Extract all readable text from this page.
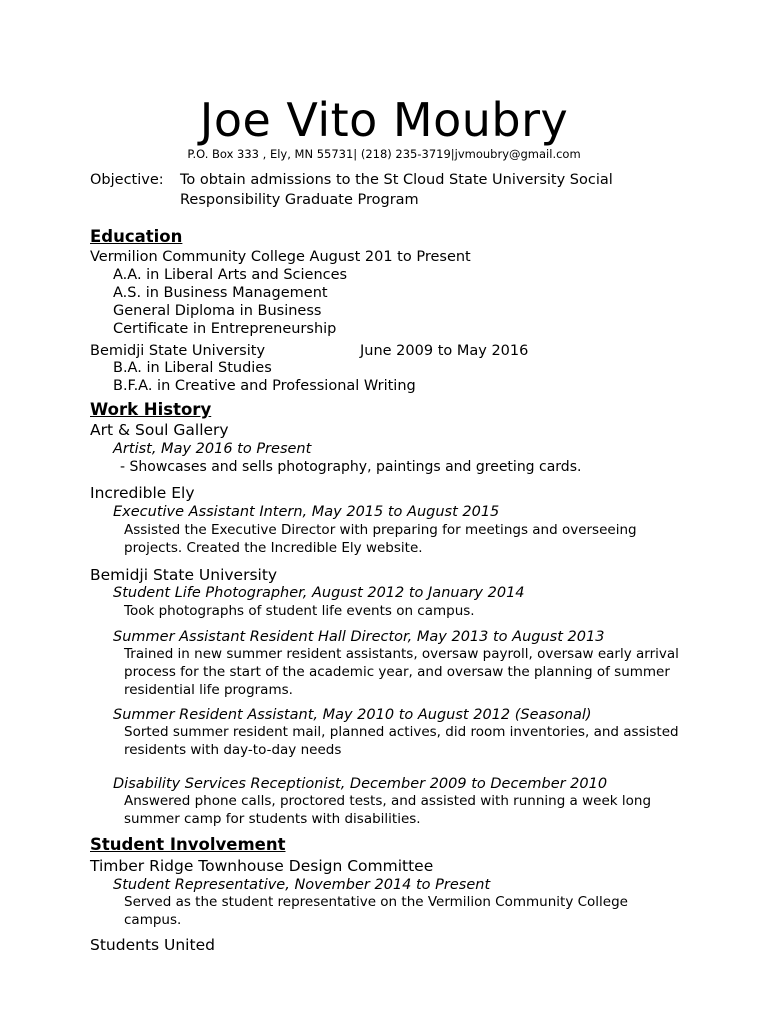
Joe Vito Moubry
P.O. Box 333 , Ely, MN 55731| (218) 235-3719|jvmoubry@gmail.com
Objective: To obtain admissions to the St Cloud State University Social Responsibility Graduate Program
Education
Vermilion Community College August 201 to Present
A.A. in Liberal Arts and Sciences
A.S. in Business Management
General Diploma in Business
Certificate in Entrepreneurship
Bemidji State University	June 2009 to May 2016
B.A. in Liberal Studies
B.F.A. in Creative and Professional Writing
Work History
Art & Soul Gallery
Artist, May 2016 to Present
- Showcases and sells photography, paintings and greeting cards.
Incredible Ely
Executive Assistant Intern, May 2015 to August 2015
Assisted the Executive Director with preparing for meetings and overseeing projects. Created the Incredible Ely website.
Bemidji State University
Student Life Photographer, August 2012 to January 2014
Took photographs of student life events on campus.
Summer Assistant Resident Hall Director, May 2013 to August 2013
Trained in new summer resident assistants, oversaw payroll, oversaw early arrival process for the start of the academic year, and oversaw the planning of summer residential life programs.
Summer Resident Assistant, May 2010 to August 2012 (Seasonal)
Sorted summer resident mail, planned actives, did room inventories, and assisted residents with day-to-day needs
Disability Services Receptionist, December 2009 to December 2010
Answered phone calls, proctored tests, and assisted with running a week long summer camp for students with disabilities.
Student Involvement
Timber Ridge Townhouse Design Committee
Student Representative, November 2014 to Present
Served as the student representative on the Vermilion Community College campus.
Students United
